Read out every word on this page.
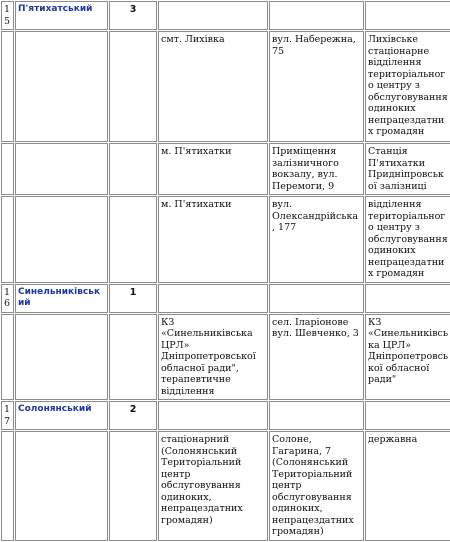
15	П'ятихатський	3			
			смт. Лихівка	вул. Набережна, 75	Лихівське стаціонарне відділення територіального центру з обслуговування одиноких непрацездатних громадян
			м. П'ятихатки	Приміщення залізничного вокзалу, вул. Перемоги, 9	Станція П'ятихатки Придніпровської залізниці
			м. П'ятихатки	вул. Олександрійська, 177	відділення територіального центру з обслуговування одиноких непрацездатних громадян
16	Синельниківський	1			
			КЗ «Синельниківська ЦРЛ» Дніпропетровської обласної ради", терапевтичне відділення	сел. Іларіонове вул. Шевченко, 3	КЗ «Синельниківська ЦРЛ» Дніпропетровської обласної ради"
17	Солонянський	2			
			стаціонарний (Солонянський Територіальний центр обслуговування одиноких, непрацездатних громадян)	Солоне, Гагарина, 7 (Солонянський Територіальний центр обслуговування одиноких, непрацездатних громадян)	державна
